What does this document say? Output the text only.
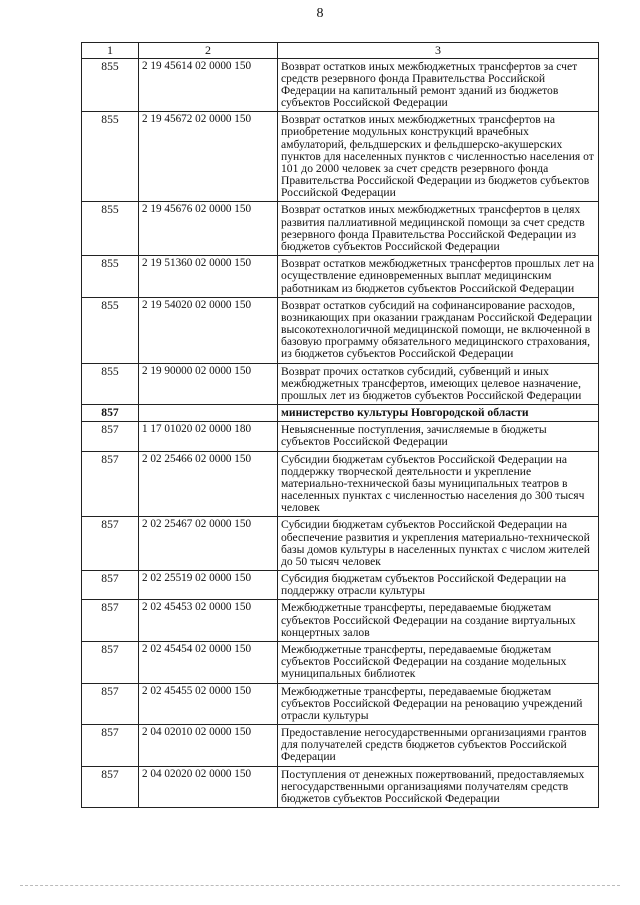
8
1	2	3
855	2 19 45614 02 0000 150	Возврат остатков иных межбюджетных трансфертов за счет средств резервного фонда Правительства Российской Федерации на капитальный ремонт зданий из бюджетов субъектов Российской Федерации
855	2 19 45672 02 0000 150	Возврат остатков иных межбюджетных трансфертов на приобретение модульных конструкций врачебных амбулаторий, фельдшерских и фельдшерско-акушерских пунктов для населенных пунктов с численностью населения от 101 до 2000 человек за счет средств резервного фонда Правительства Российской Федерации из бюджетов субъектов Российской Федерации
855	2 19 45676 02 0000 150	Возврат остатков иных межбюджетных трансфертов в целях развития паллиативной медицинской помощи за счет средств резервного фонда Правительства Российской Федерации из бюджетов субъектов Российской Федерации
855	2 19 51360 02 0000 150	Возврат остатков межбюджетных трансфертов прошлых лет на осуществление единовременных выплат медицинским работникам из бюджетов субъектов Российской Федерации
855	2 19 54020 02 0000 150	Возврат остатков субсидий на софинансирование расходов, возникающих при оказании гражданам Российской Федерации высокотехнологичной медицинской помощи, не включенной в базовую программу обязательного медицинского страхования, из бюджетов субъектов Российской Федерации
855	2 19 90000 02 0000 150	Возврат прочих остатков субсидий, субвенций и иных межбюджетных трансфертов, имеющих целевое назначение, прошлых лет из бюджетов субъектов Российской Федерации
857		министерство культуры Новгородской области
857	1 17 01020 02 0000 180	Невыясненные поступления, зачисляемые в бюджеты субъектов Российской Федерации
857	2 02 25466 02 0000 150	Субсидии бюджетам субъектов Российской Федерации на поддержку творческой деятельности и укрепление материально-технической базы муниципальных театров в населенных пунктах с численностью населения до 300 тысяч человек
857	2 02 25467 02 0000 150	Субсидии бюджетам субъектов Российской Федерации на обеспечение развития и укрепления материально-технической базы домов культуры в населенных пунктах с числом жителей до 50 тысяч человек
857	2 02 25519 02 0000 150	Субсидия бюджетам субъектов Российской Федерации на поддержку отрасли культуры
857	2 02 45453 02 0000 150	Межбюджетные трансферты, передаваемые бюджетам субъектов Российской Федерации на создание виртуальных концертных залов
857	2 02 45454 02 0000 150	Межбюджетные трансферты, передаваемые бюджетам субъектов Российской Федерации на создание модельных муниципальных библиотек
857	2 02 45455 02 0000 150	Межбюджетные трансферты, передаваемые бюджетам субъектов Российской Федерации на реновацию учреждений отрасли культуры
857	2 04 02010 02 0000 150	Предоставление негосударственными организациями грантов для получателей средств бюджетов субъектов Российской Федерации
857	2 04 02020 02 0000 150	Поступления от денежных пожертвований, предоставляемых негосударственными организациями получателям средств бюджетов субъектов Российской Федерации
